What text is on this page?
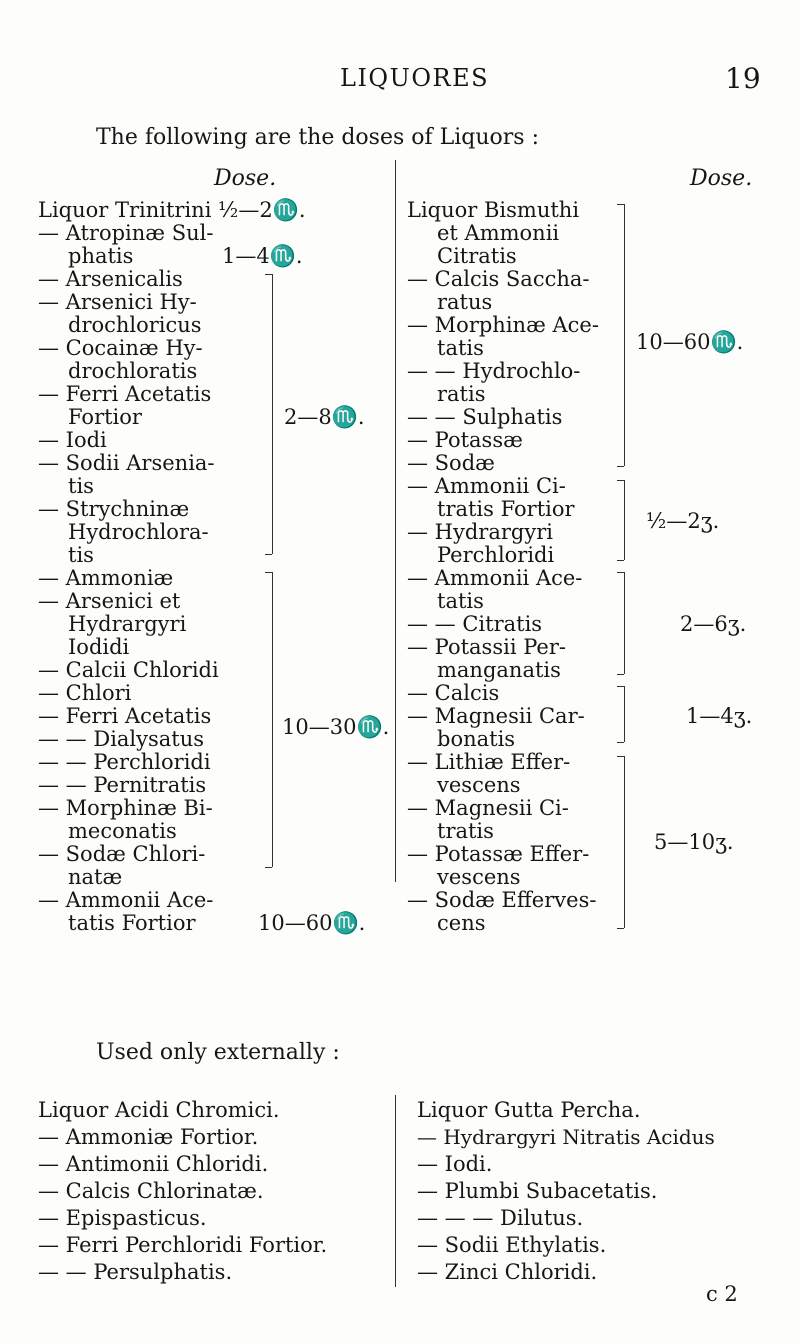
LIQUORES	19
The following are the doses of Liquors :
Dose.	Dose.
Liquor Trinitrini
— Atropinæ Sul-
phatis
— Arsenicalis
— Arsenici Hy-
drochloricus
— Cocainæ Hy-
drochloratis
— Ferri Acetatis
Fortior
— Iodi
— Sodii Arsenia-
tis
— Strychninæ
Hydrochlora-
tis
— Ammoniæ
— Arsenici et
Hydrargyri
Iodidi
— Calcii Chloridi
— Chlori
— Ferri Acetatis
— — Dialysatus
— — Perchloridi
— — Pernitratis
— Morphinæ Bi-
meconatis
— Sodæ Chlori-
natæ
— Ammonii Ace-
tatis Fortior
½—2♏.
1—4♏.
2—8♏.
10—30♏.
10—60♏.
Liquor Bismuthi
et Ammonii
Citratis
— Calcis Saccha-
ratus
— Morphinæ Ace-
tatis
— — Hydrochlo-
ratis
— — Sulphatis
— Potassæ
— Sodæ
— Ammonii Ci-
tratis Fortior
— Hydrargyri
Perchloridi
— Ammonii Ace-
tatis
— — Citratis
— Potassii Per-
manganatis
— Calcis
— Magnesii Car-
bonatis
— Lithiæ Effer-
vescens
— Magnesii Ci-
tratis
— Potassæ Effer-
vescens
— Sodæ Efferves-
cens
10—60♏.
½—2ʒ.
2—6ʒ.
1—4ʒ.
5—10ʒ.
Used only externally :
Liquor Acidi Chromici.
— Ammoniæ Fortior.
— Antimonii Chloridi.
— Calcis Chlorinatæ.
— Epispasticus.
— Ferri Perchloridi Fortior.
— — Persulphatis.
Liquor Gutta Percha.
— Hydrargyri Nitratis Acidus
— Iodi.
— Plumbi Subacetatis.
— — — Dilutus.
— Sodii Ethylatis.
— Zinci Chloridi.
c 2
